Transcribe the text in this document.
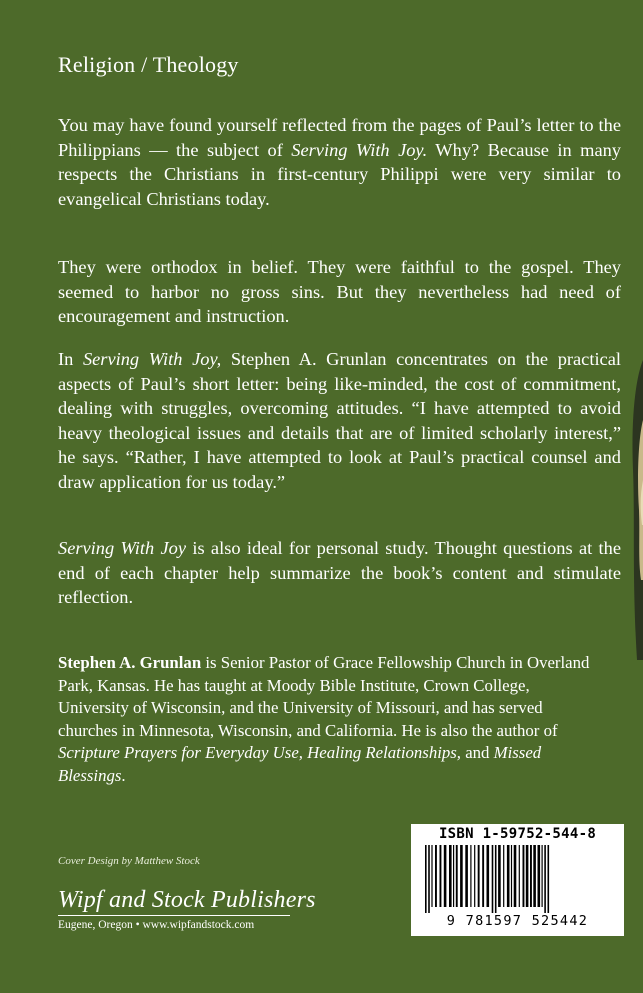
Religion / Theology

You may have found yourself reflected from the pages of Paul’s letter to the Philippians — the subject of Serving With Joy. Why? Because in many respects the Christians in first-century Philippi were very similar to evangelical Christians today.

They were orthodox in belief. They were faithful to the gospel. They seemed to harbor no gross sins. But they nevertheless had need of encouragement and instruction.

In Serving With Joy, Stephen A. Grunlan concentrates on the practical aspects of Paul’s short letter: being like-minded, the cost of commitment, dealing with struggles, overcoming attitudes. “I have attempted to avoid heavy theological issues and details that are of limited scholarly interest,” he says. “Rather, I have attempted to look at Paul’s practical counsel and draw application for us today.”

Serving With Joy is also ideal for personal study. Thought questions at the end of each chapter help summarize the book’s content and stimulate reflection.

Stephen A. Grunlan is Senior Pastor of Grace Fellowship Church in Overland Park, Kansas. He has taught at Moody Bible Institute, Crown College, University of Wisconsin, and the University of Missouri, and has served churches in Minnesota, Wisconsin, and California. He is also the author of Scripture Prayers for Everyday Use, Healing Relationships, and Missed Blessings.

Cover Design by Matthew Stock
Wipf and Stock Publishers
Eugene, Oregon • www.wipfandstock.com
ISBN 1-59752-544-8
9 781597 525442
